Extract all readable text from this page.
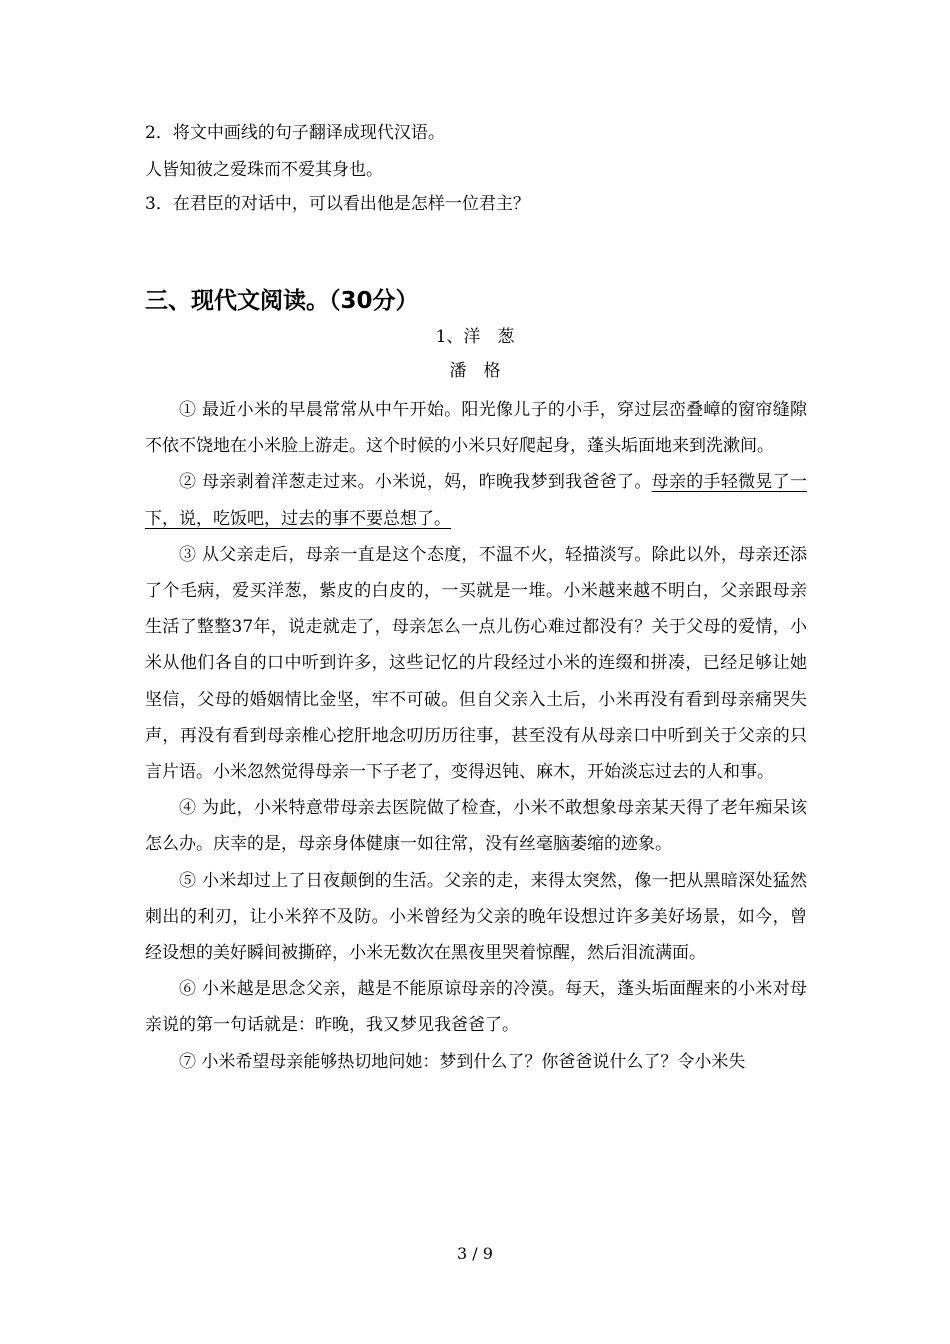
2．将文中画线的句子翻译成现代汉语。
人皆知彼之爱珠而不爱其身也。
3．在君臣的对话中，可以看出他是怎样一位君主？
三、现代文阅读。（30分）
1、洋　葱
潘　格

① 最近小米的早晨常常从中午开始。阳光像儿子的小手，穿过层峦叠嶂的窗帘缝隙不依不饶地在小米脸上游走。这个时候的小米只好爬起身，蓬头垢面地来到洗漱间。

② 母亲剥着洋葱走过来。小米说，妈，昨晚我梦到我爸爸了。母亲的手轻微晃了一下，说，吃饭吧，过去的事不要总想了。

③ 从父亲走后，母亲一直是这个态度，不温不火，轻描淡写。除此以外，母亲还添了个毛病，爱买洋葱，紫皮的白皮的，一买就是一堆。小米越来越不明白，父亲跟母亲生活了整整37年，说走就走了，母亲怎么一点儿伤心难过都没有？关于父母的爱情，小米从他们各自的口中听到许多，这些记忆的片段经过小米的连缀和拼凑，已经足够让她坚信，父母的婚姻情比金坚，牢不可破。但自父亲入土后，小米再没有看到母亲痛哭失声，再没有看到母亲椎心挖肝地念叨历历往事，甚至没有从母亲口中听到关于父亲的只言片语。小米忽然觉得母亲一下子老了，变得迟钝、麻木，开始淡忘过去的人和事。

④ 为此，小米特意带母亲去医院做了检查，小米不敢想象母亲某天得了老年痴呆该怎么办。庆幸的是，母亲身体健康一如往常，没有丝毫脑萎缩的迹象。

⑤ 小米却过上了日夜颠倒的生活。父亲的走，来得太突然，像一把从黑暗深处猛然刺出的利刃，让小米猝不及防。小米曾经为父亲的晚年设想过许多美好场景，如今，曾经设想的美好瞬间被撕碎，小米无数次在黑夜里哭着惊醒，然后泪流满面。

⑥ 小米越是思念父亲，越是不能原谅母亲的冷漠。每天，蓬头垢面醒来的小米对母亲说的第一句话就是：昨晚，我又梦见我爸爸了。

⑦ 小米希望母亲能够热切地问她：梦到什么了？你爸爸说什么了？令小米失

3 / 9
